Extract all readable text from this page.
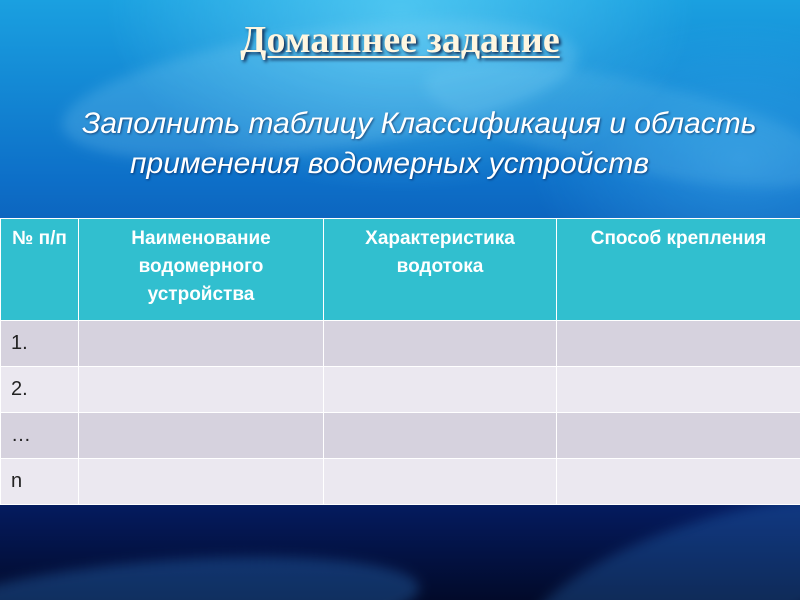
Домашнее задание
Заполнить таблицу Классификация и область применения водомерных устройств
№ п/п	Наименование водомерного устройства	Характеристика водотока	Способ крепления
1.			
2.			
…			
n			
